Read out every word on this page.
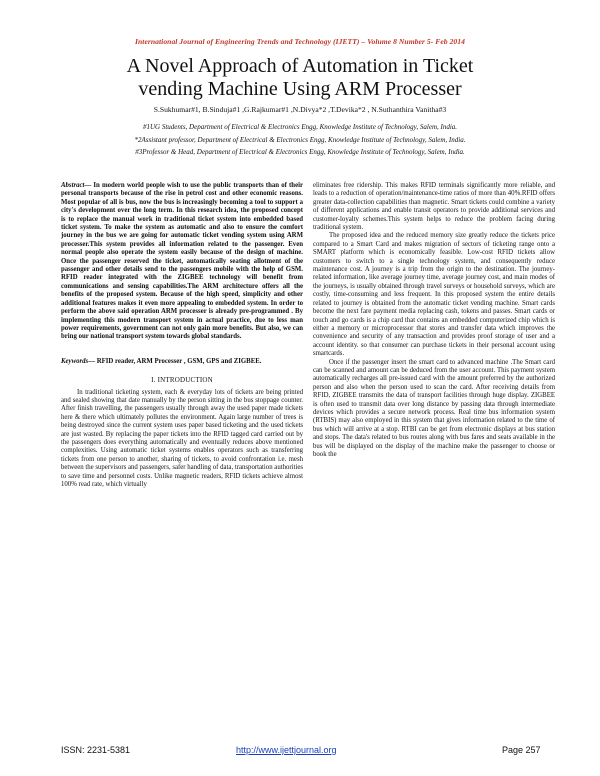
International Journal of Engineering Trends and Technology (IJETT) – Volume 8 Number 5- Feb 2014
A Novel Approach of Automation in Ticket
vending Machine Using ARM Processer
S.Sukhumar#1, B.Sinduja#1 ,G.Rajkumar#1 ,N.Divya*2 ,T.Devika*2 , N.Suthanthira Vanitha#3
#1UG Students, Department of Electrical & Electronics Engg, Knowledge Institute of Technology, Salem, India.
*2Assistant professor, Department of Electrical & Electronics Engg, Knowledge Institute of Technology, Salem, India.
#3Professor & Head, Department of Electrical & Electronics Engg, Knowledge Institute of Technology, Salem, India.

Abstract— In modern world people wish to use the public transports than of their personal transports because of the rise in petrol cost and other economic reasons. Most popular of all is bus, now the bus is increasingly becoming a tool to support a city's development over the long term. In this research idea, the proposed concept is to replace the manual work in traditional ticket system into embedded based ticket system. To make the system as automatic and also to ensure the comfort journey in the bus we are going for automatic ticket vending system using ARM processer.This system provides all information related to the passenger. Even normal people also operate the system easily because of the design of machine. Once the passenger reserved the ticket, automatically seating allotment of the passenger and other details send to the passengers mobile with the help of GSM. RFID reader integrated with the ZIGBEE technology will benefit from communications and sensing capabilities.The ARM architecture offers all the benefits of the proposed system. Because of the high speed, simplicity and other additional features makes it even more appealing to embedded system. In order to perform the above said operation ARM processer is already pre-programmed . By implementing this modern transport system in actual practice, due to less man power requirements, government can not only gain more benefits. But also, we can bring our national transport system towards global standards.

Keywords— RFID reader, ARM Processer , GSM, GPS and ZIGBEE.

I. INTRODUCTION

In traditional ticketing system, each & everyday lots of tickets are being printed and sealed showing that date manually by the person sitting in the bus stoppage counter. After finish travelling, the passengers usually through away the used paper made tickets here & there which ultimately pollutes the environment. Again large number of trees is being destroyed since the current system uses paper based ticketing and the used tickets are just wasted. By replacing the paper tickets into the RFID tagged card carried out by the passengers does everything automatically and eventually reduces above mentioned complexities. Using automatic ticket systems enables operators such as transferring tickets from one person to another, sharing of tickets, to avoid confrontation i.e. mesh between the supervisors and passengers, safer handling of data, transportation authorities to save time and personnel costs. Unlike magnetic readers, RFID tickets achieve almost 100% read rate, which virtually

eliminates free ridership. This makes RFID terminals significantly more reliable, and leads to a reduction of operation/maintenance-time ratios of more than 40%.RFID offers greater data-collection capabilities than magnetic. Smart tickets could combine a variety of different applications and enable transit operators to provide additional services and customer-loyalty schemes.This system helps to reduce the problem facing during traditional system.

The proposed idea and the reduced memory size greatly reduce the tickets price compared to a Smart Card and makes migration of sectors of ticketing range onto a SMART platform which is economically feasible. Low-cost RFID tickets allow customers to switch to a single technology system, and consequently reduce maintenance cost. A journey is a trip from the origin to the destination. The journey-related information, like average journey time, average journey cost, and main modes of the journeys, is usually obtained through travel surveys or household surveys, which are costly, time-consuming and less frequent. In this proposed system the entire details related to journey is obtained from the automatic ticket vending machine. Smart cards become the next fare payment media replacing cash, tokens and passes. Smart cards or touch and go cards is a chip card that contains an embedded computerized chip which is either a memory or microprocessor that stores and transfer data which improves the convenience and security of any transaction and provides proof storage of user and a account identity. so that consumer can purchase tickets in their personal account using smartcards.

Once if the passenger insert the smart card to advanced machine .The Smart card can be scanned and amount can be deduced from the user account. This payment system automatically recharges all pre-issued card with the amount preferred by the authorized person and also when the person used to scan the card. After receiving details from RFID, ZIGBEE transmits the data of transport facilities through huge display. ZIGBEE is often used to transmit data over long distance by passing data through intermediate devices which provides a secure network process. Real time bus information system (RTBIS) may also employed in this system that gives information related to the time of bus which will arrive at a stop. RTBI can be get from electronic displays at bus station and stops. The data's related to bus routes along with bus fares and seats available in the bus will be displayed on the display of the machine make the passenger to choose or book the

ISSN: 2231-5381	http://www.ijettjournal.org	Page 257
